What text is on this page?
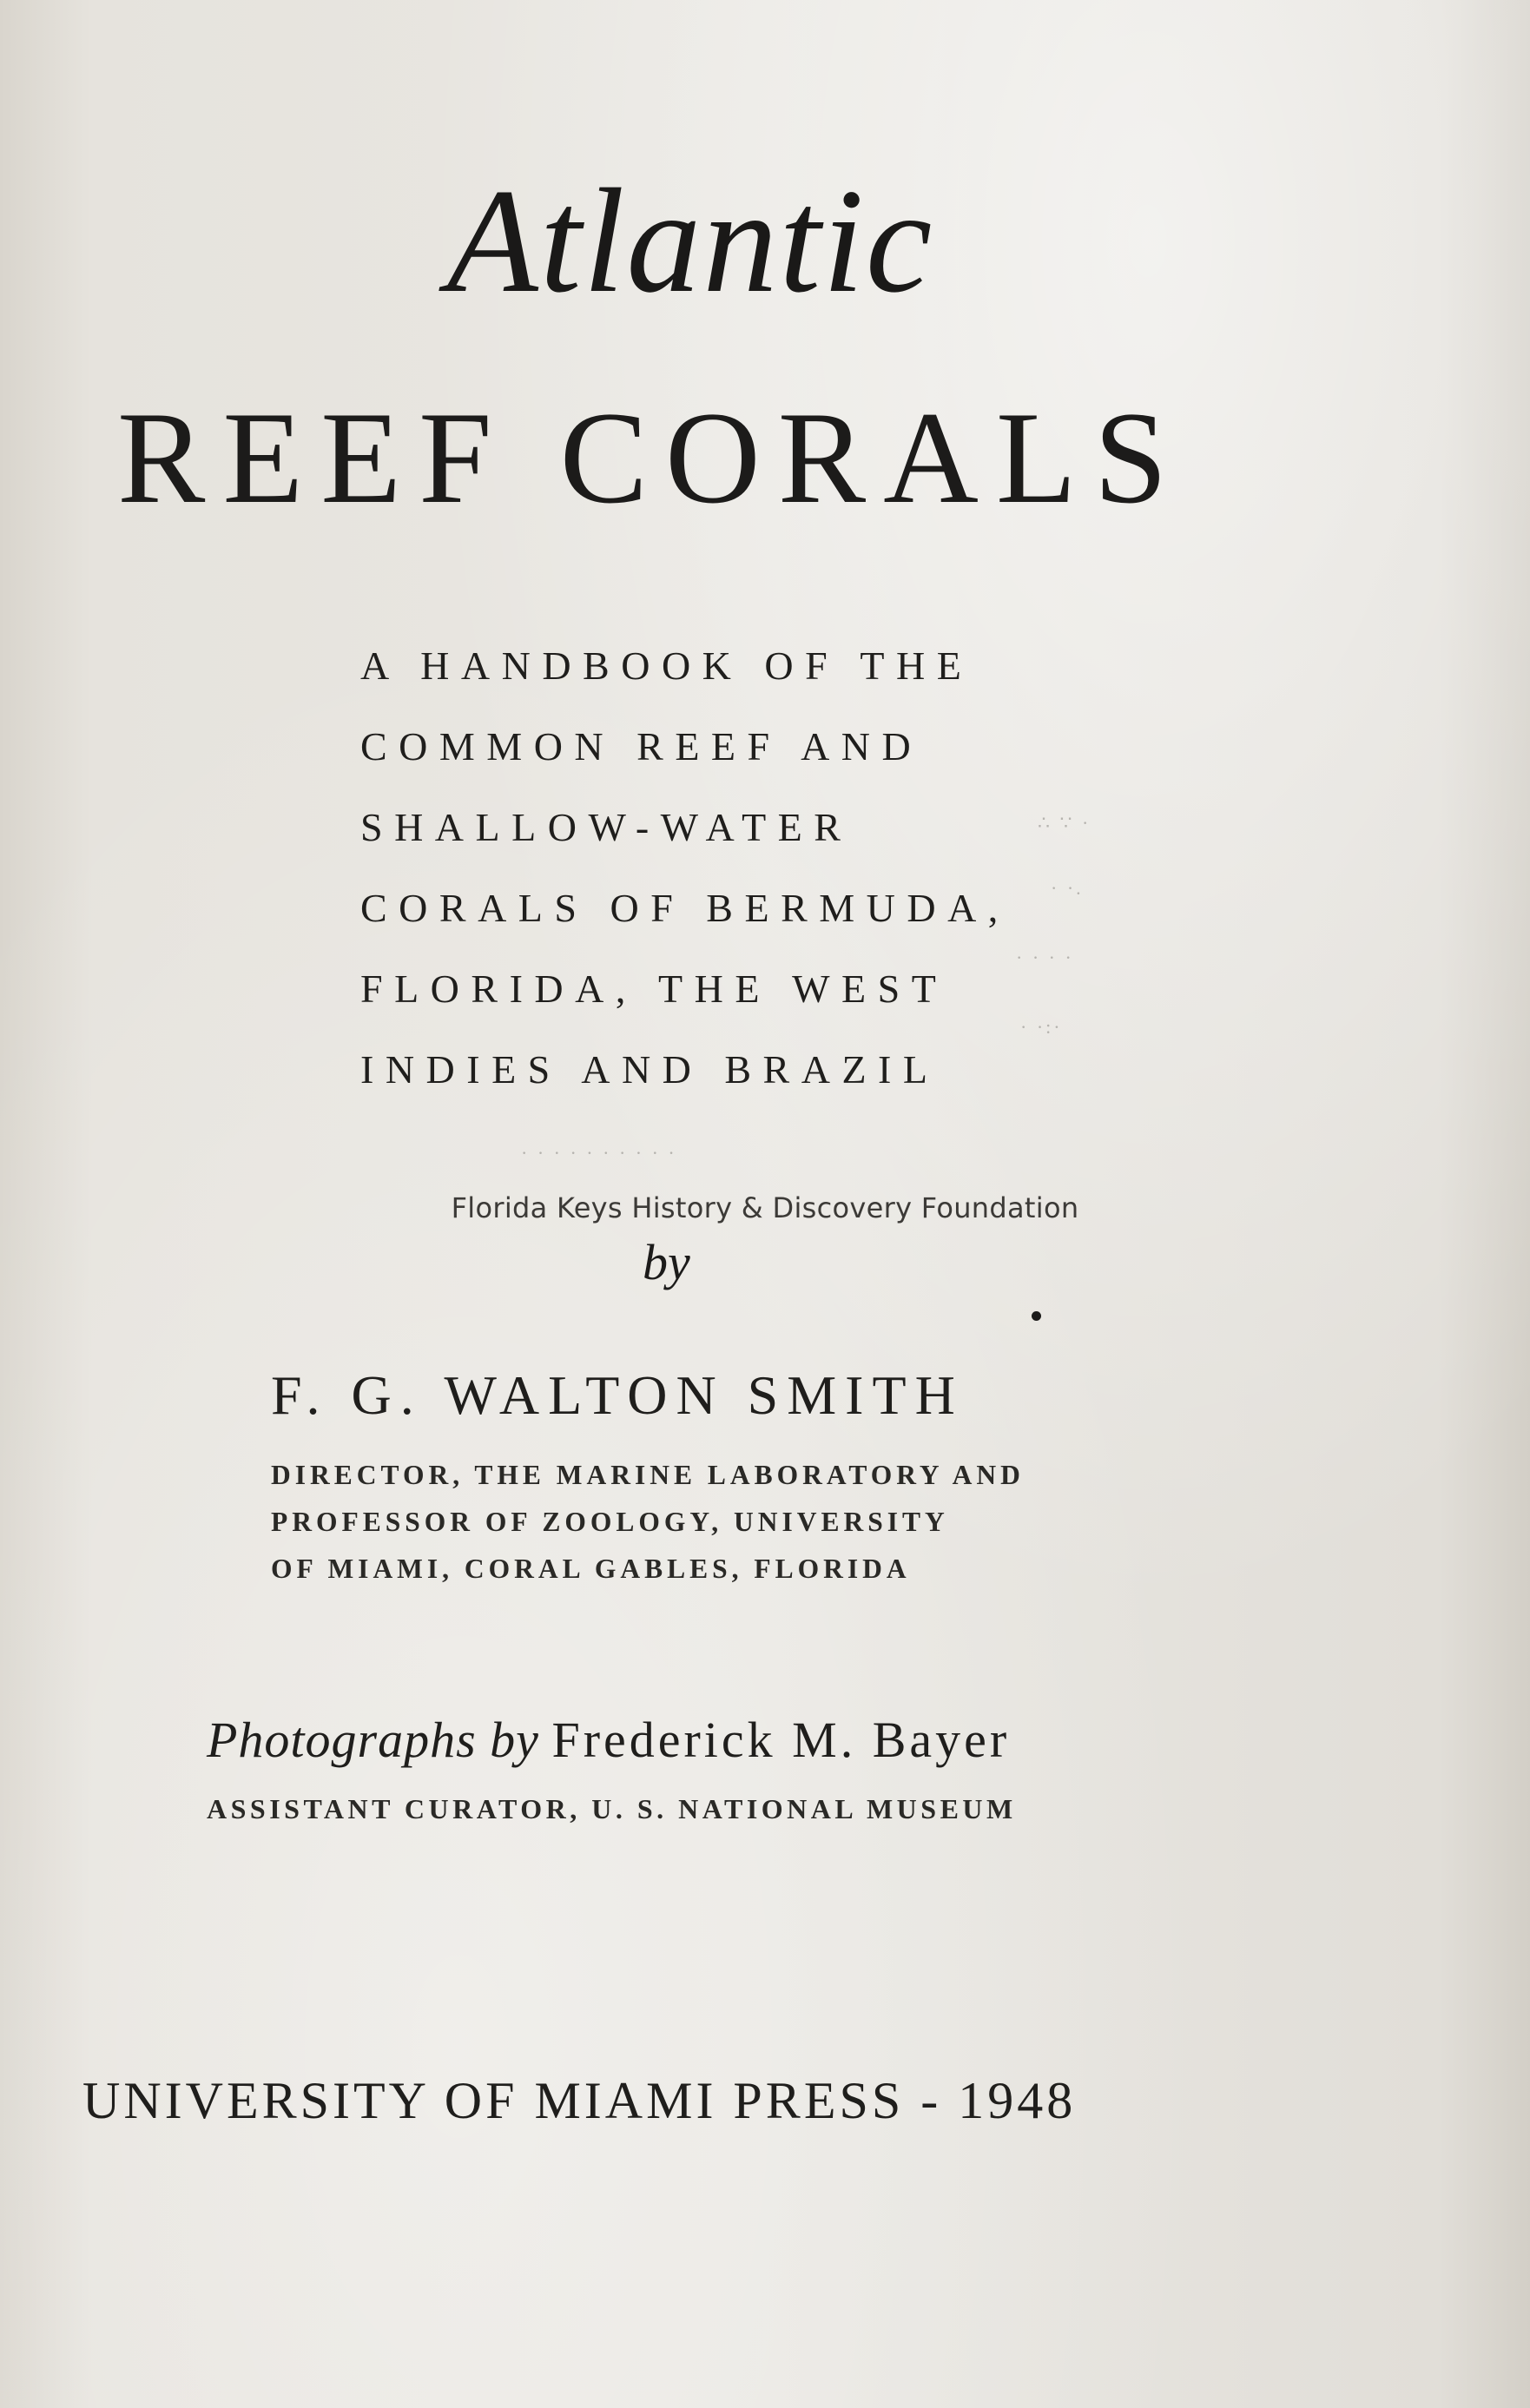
Atlantic
REEF CORALS
A HANDBOOK OF THE
COMMON REEF AND
SHALLOW-WATER
CORALS OF BERMUDA,
FLORIDA, THE WEST
INDIES AND BRAZIL
∴ ∵ ·
· ·.
· · · ·
· ·:·
· · · · · · · · · ·
Florida Keys History & Discovery Foundation
by
F. G. WALTON SMITH
DIRECTOR, THE MARINE LABORATORY AND
PROFESSOR OF ZOOLOGY, UNIVERSITY
OF MIAMI, CORAL GABLES, FLORIDA
Photographs by Frederick M. Bayer
ASSISTANT CURATOR, U. S. NATIONAL MUSEUM
UNIVERSITY OF MIAMI PRESS - 1948
